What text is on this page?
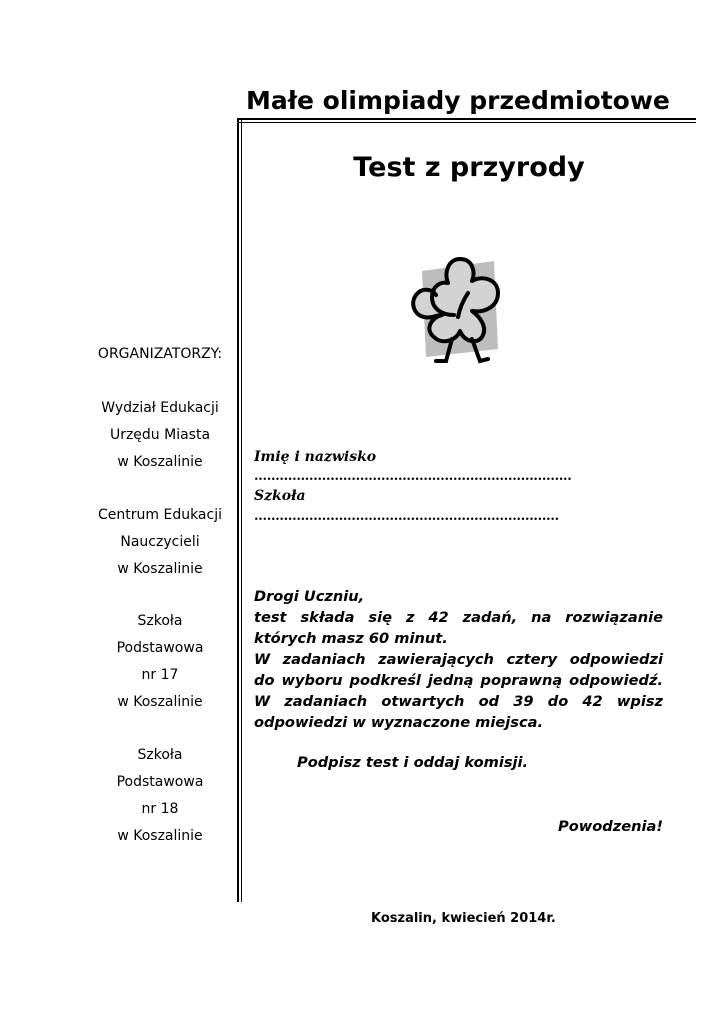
Małe olimpiady przedmiotowe
Test z przyrody
ORGANIZATORZY:
Wydział Edukacji
Urzędu Miasta
w Koszalinie
Centrum Edukacji
Nauczycieli
w Koszalinie
Szkoła
Podstawowa
nr 17
w Koszalinie
Szkoła
Podstawowa
nr 18
w Koszalinie
Imię i nazwisko
…………………………………………………………….…..
Szkoła
………………………………………………………………

Drogi Uczniu,

test składa się z 42 zadań, na rozwiązanie

których masz 60 minut.

W zadaniach zawierających cztery odpowiedzi

do wyboru podkreśl jedną poprawną odpowiedź.

W zadaniach otwartych od 39 do 42 wpisz

odpowiedzi w wyznaczone miejsca.

Podpisz test i oddaj komisji.
Powodzenia!
Koszalin, kwiecień 2014r.
